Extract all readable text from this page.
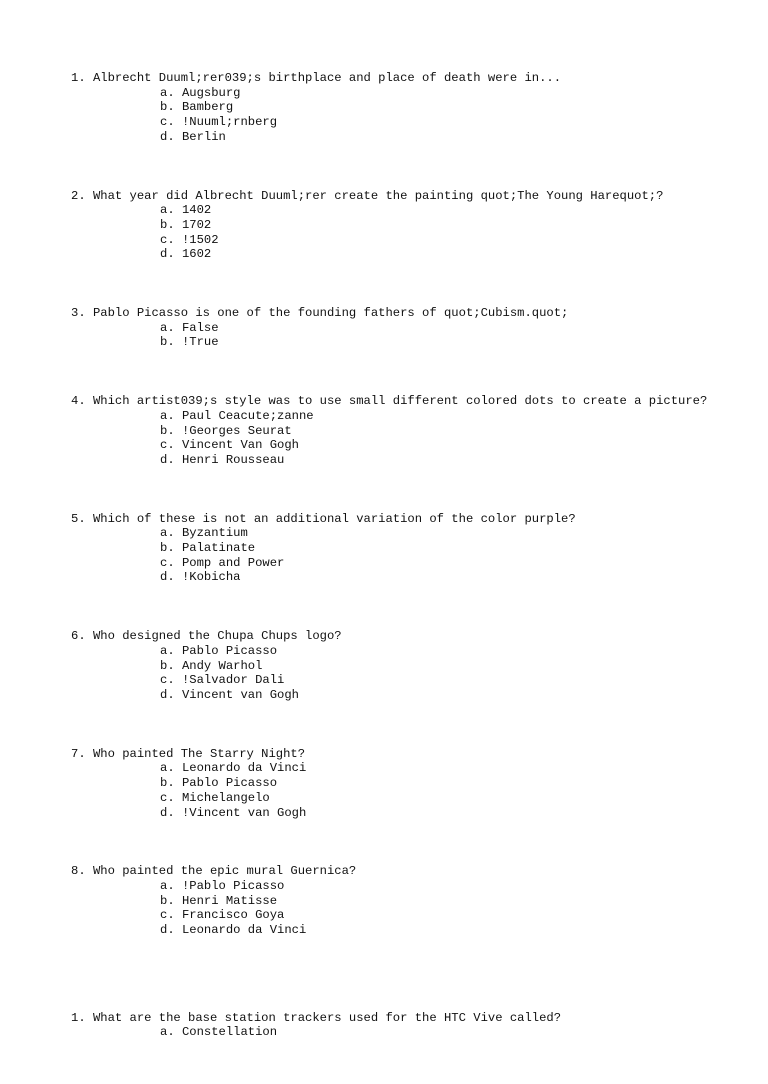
1. Albrecht Duuml;rer039;s birthplace and place of death were in...
a. Augsburg
b. Bamberg
c. !Nuuml;rnberg
d. Berlin
2. What year did Albrecht Duuml;rer create the painting quot;The Young Harequot;?
a. 1402
b. 1702
c. !1502
d. 1602
3. Pablo Picasso is one of the founding fathers of quot;Cubism.quot;
a. False
b. !True
4. Which artist039;s style was to use small different colored dots to create a picture?
a. Paul Ceacute;zanne
b. !Georges Seurat
c. Vincent Van Gogh
d. Henri Rousseau
5. Which of these is not an additional variation of the color purple?
a. Byzantium
b. Palatinate
c. Pomp and Power
d. !Kobicha
6. Who designed the Chupa Chups logo?
a. Pablo Picasso
b. Andy Warhol
c. !Salvador Dali
d. Vincent van Gogh
7. Who painted The Starry Night?
a. Leonardo da Vinci
b. Pablo Picasso
c. Michelangelo
d. !Vincent van Gogh
8. Who painted the epic mural Guernica?
a. !Pablo Picasso
b. Henri Matisse
c. Francisco Goya
d. Leonardo da Vinci
1. What are the base station trackers used for the HTC Vive called?
a. Constellation
